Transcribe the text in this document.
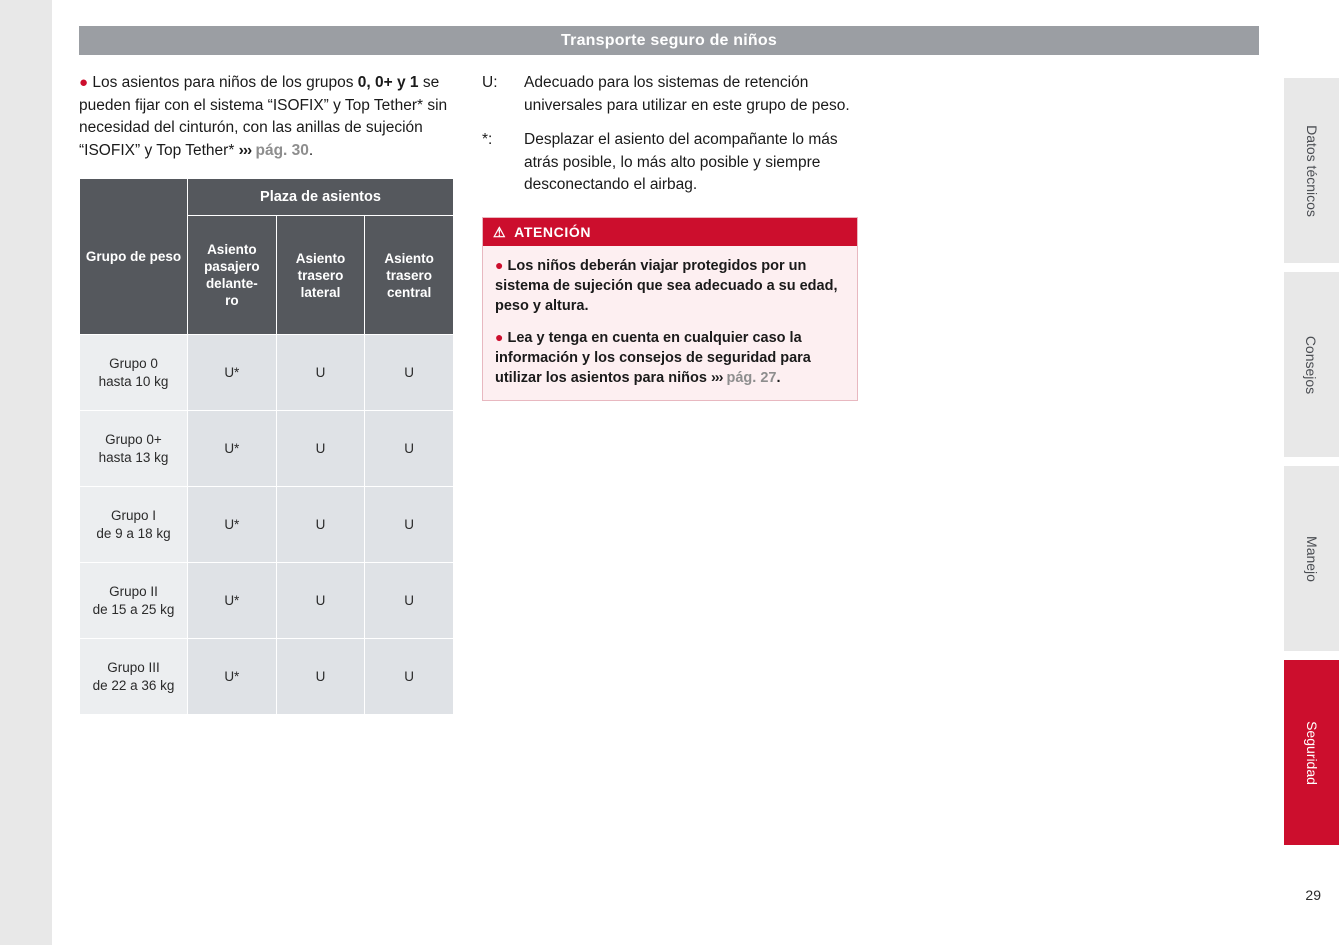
Transporte seguro de niños
● Los asientos para niños de los grupos 0, 0+ y 1 se pueden fijar con el sistema “ISOFIX” y Top Tether* sin necesidad del cinturón, con las anillas de sujeción “ISOFIX” y Top Tether* ››› pág. 30.
Grupo de peso	Plaza de asientos		
	Asiento
pasajero
delante-
ro	Asiento
trasero
lateral	Asiento
trasero
central
Grupo 0
hasta 10 kg	U*	U	U
Grupo 0+
hasta 13 kg	U*	U	U
Grupo I
de 9 a 18 kg	U*	U	U
Grupo II
de 15 a 25 kg	U*	U	U
Grupo III
de 22 a 36 kg	U*	U	U
U:	Adecuado para los sistemas de retención universales para utilizar en este grupo de peso.
*:	Desplazar el asiento del acompañante lo más atrás posible, lo más alto posible y siempre desconectando el airbag.
⚠ ATENCIÓN

● Los niños deberán viajar protegidos por un sistema de sujeción que sea adecuado a su edad, peso y altura.

● Lea y tenga en cuenta en cualquier caso la información y los consejos de seguridad para utilizar los asientos para niños ››› pág. 27.

Datos técnicos
Consejos
Manejo
Seguridad
29
